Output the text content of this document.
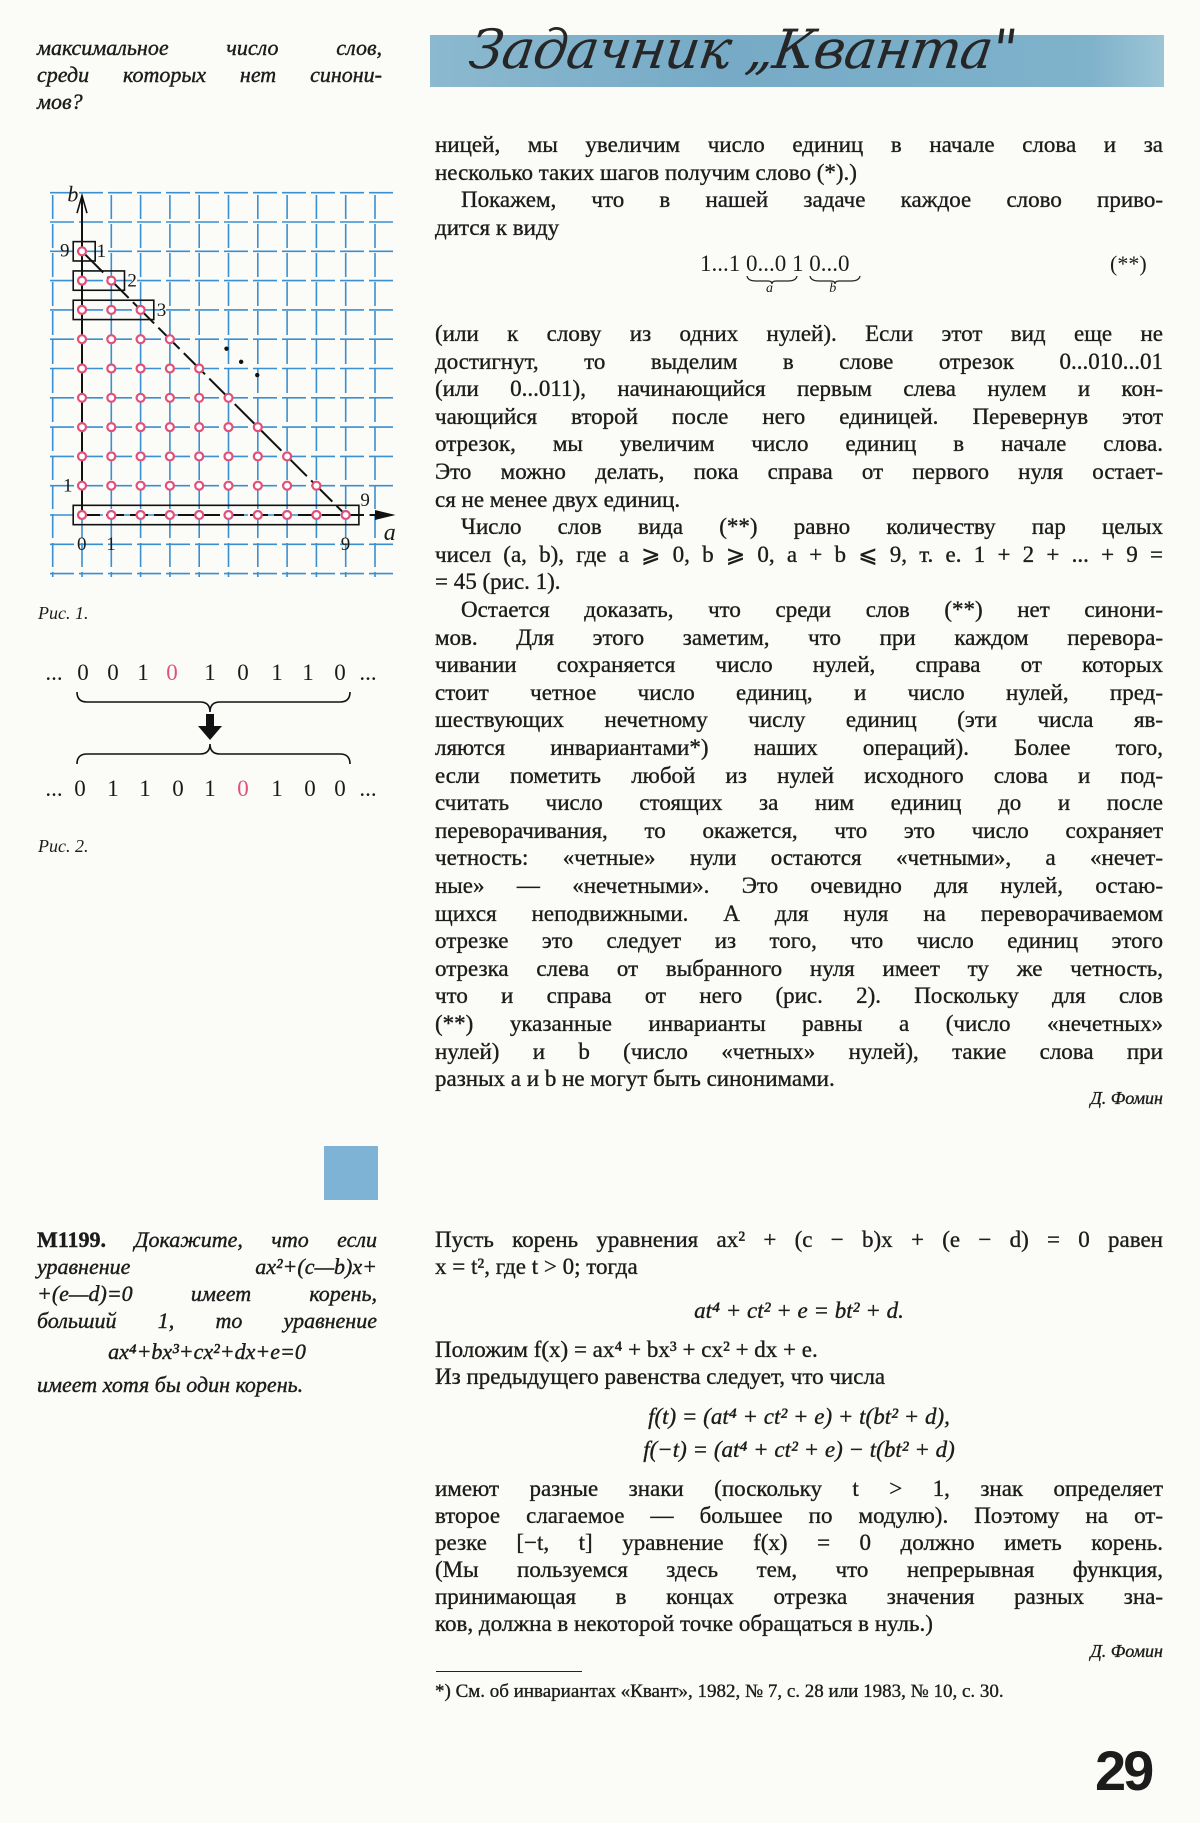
Задачник „Кванта"
ницей, мы увеличим число единиц в начале слова и за
несколько таких шагов получим слово (*).)
Покажем, что в нашей задаче каждое слово приво-
дится к виду
(или к слову из одних нулей). Если этот вид еще не
достигнут, то выделим в слове отрезок 0...010...01
(или 0...011), начинающийся первым слева нулем и кон-
чающийся второй после него единицей. Перевернув этот
отрезок, мы увеличим число единиц в начале слова.
Это можно делать, пока справа от первого нуля остает-
ся не менее двух единиц.
Число слов вида (**) равно количеству пар целых
чисел (a, b), где a ⩾ 0, b ⩾ 0, a + b ⩽ 9, т. е. 1 + 2 + ... + 9 =
= 45 (рис. 1).
Остается доказать, что среди слов (**) нет синони-
мов. Для этого заметим, что при каждом перевора-
чивании сохраняется число нулей, справа от которых
стоит четное число единиц, и число нулей, пред-
шествующих нечетному числу единиц (эти числа яв-
ляются инвариантами*) наших операций). Более того,
если пометить любой из нулей исходного слова и под-
считать число стоящих за ним единиц до и после
переворачивания, то окажется, что это число сохраняет
четность: «четные» нули остаются «четными», а «нечет-
ные» — «нечетными». Это очевидно для нулей, остаю-
щихся неподвижными. А для нуля на переворачиваемом
отрезке это следует из того, что число единиц этого
отрезка слева от выбранного нуля имеет ту же четность,
что и справа от него (рис. 2). Поскольку для слов
(**) указанные инварианты равны a (число «нечетных»
нулей) и b (число «четных» нулей), такие слова при
разных a и b не могут быть синонимами.
Д. Фомин
максимальное число слов,
среди которых нет синони-
мов?
M1199. Докажите, что если
уравнение ax²+(c—b)x+
+(e—d)=0 имеет корень,
больший 1, то уравнение
ax⁴+bx³+cx²+dx+e=0
имеет хотя бы один корень.
Пусть корень уравнения ax² + (c − b)x + (e − d) = 0 равен
x = t², где t > 0; тогда
at⁴ + ct² + e = bt² + d.
Положим f(x) = ax⁴ + bx³ + cx² + dx + e.
Из предыдущего равенства следует, что числа
f(t) = (at⁴ + ct² + e) + t(bt² + d),
f(−t) = (at⁴ + ct² + e) − t(bt² + d)
имеют разные знаки (поскольку t > 1, знак определяет
второе слагаемое — большее по модулю). Поэтому на от-
резке [−t, t] уравнение f(x) = 0 должно иметь корень.
(Мы пользуемся здесь тем, что непрерывная функция,
принимающая в концах отрезка значения разных зна-
ков, должна в некоторой точке обращаться в нуль.)
Д. Фомин
*) См. об инвариантах «Квант», 1982, № 7, с. 28 или 1983, № 10, с. 30.
b
a
0 1	9
1
9 1
2
3
9
Рис. 1.
0 0 1 0 1 0 1 1 0
0 1 1 0 1 0 1 0 0
...	...
...	...
Рис. 2.
1...1 0...0
a
1 0...0
b
(**)
29
